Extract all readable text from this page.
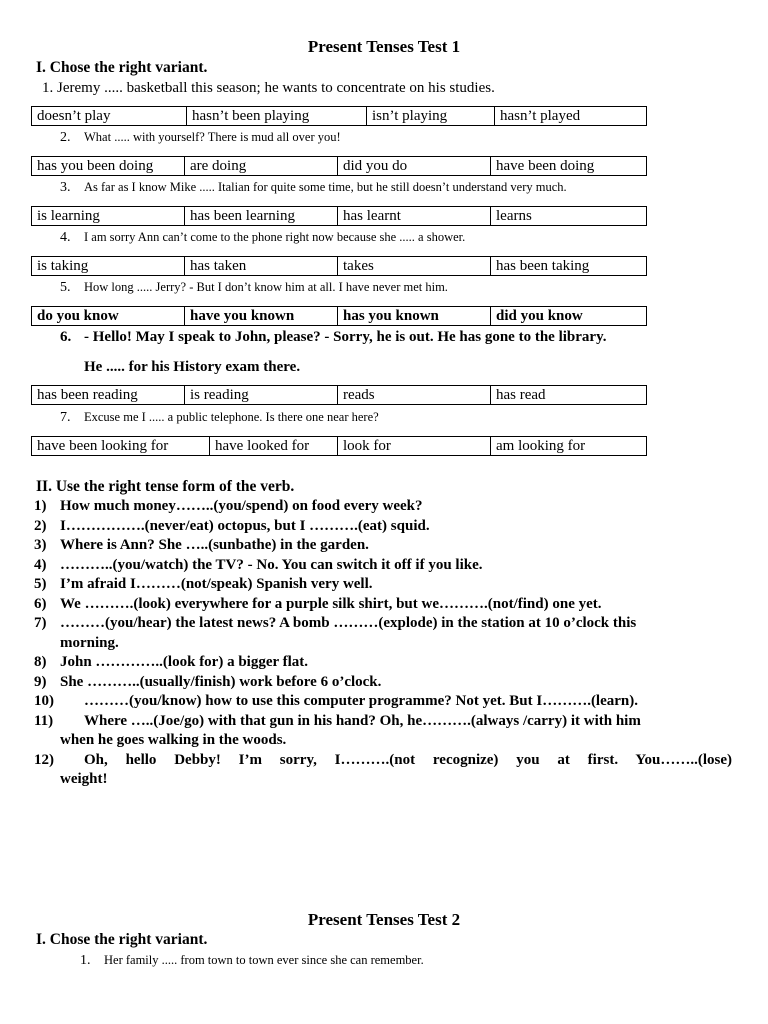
Present Tenses Test 1
I. Chose the right variant.
1. Jeremy ..... basketball this season; he wants to concentrate on his studies.
doesn’t play	hasn’t been playing	isn’t playing	hasn’t played
2. What ..... with yourself? There is mud all over you!
has you been doing	are doing	did you do	have been doing
3. As far as I know Mike ..... Italian for quite some time, but he still doesn’t understand very much.
is learning	has been learning	has learnt	learns
4. I am sorry Ann can’t come to the phone right now because she ..... a shower.
is taking	has taken	takes	has been taking
5. How long ..... Jerry? - But I don’t know him at all. I have never met him.
do you know	have you known	has you known	did you know
6. - Hello! May I speak to John, please? - Sorry, he is out. He has gone to the library.
He ..... for his History exam there.
has been reading	is reading	reads	has read
7. Excuse me I ..... a public telephone. Is there one near here?
have been looking for	have looked for	look for	am looking for
II. Use the right tense form of the verb.
1) How much money……..(you/spend) on food every week?
2) I…………….(never/eat) octopus, but I ……….(eat) squid.
3) Where is Ann? She …..(sunbathe) in the garden.
4) ………..(you/watch) the TV? - No. You can switch it off if you like.
5) I’m afraid I………(not/speak) Spanish very well.
6) We ……….(look) everywhere for a purple silk shirt, but we……….(not/find) one yet.
7) ………(you/hear) the latest news? A bomb ………(explode) in the station at 10 o’clock this
morning.
8) John …………..(look for) a bigger flat.
9) She ………..(usually/finish) work before 6 o’clock.
10)	………(you/know) how to use this computer programme? Not yet. But I……….(learn).
11)	Where …..(Joe/go) with that gun in his hand? Oh, he……….(always /carry) it with him
when he goes walking in the woods.
12)	Oh, hello Debby! I’m sorry, I……….(not recognize) you at first. You……..(lose)
weight!
Present Tenses Test 2
I. Chose the right variant.
1. Her family ..... from town to town ever since she can remember.
